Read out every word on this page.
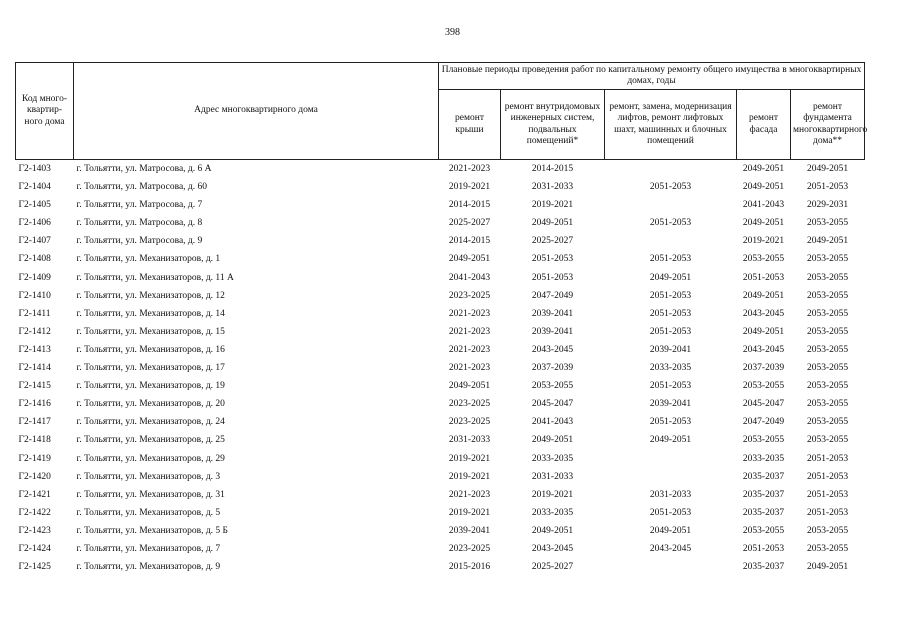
398
Код много-квартир-ного дома	Адрес многоквартирного дома	Плановые периоды проведения работ по капитальному ремонту общего имущества в многоквартирных домах, годы				
		ремонт крыши	ремонт внутридомовых инженерных систем, подвальных помещений*	ремонт, замена, модернизация лифтов, ремонт лифтовых шахт, машинных и блочных помещений	ремонт фасада	ремонт фундамента многоквартирного дома**
Г2-1403	г. Тольятти, ул. Матросова, д. 6 А	2021-2023	2014-2015		2049-2051	2049-2051
Г2-1404	г. Тольятти, ул. Матросова, д. 60	2019-2021	2031-2033	2051-2053	2049-2051	2051-2053
Г2-1405	г. Тольятти, ул. Матросова, д. 7	2014-2015	2019-2021		2041-2043	2029-2031
Г2-1406	г. Тольятти, ул. Матросова, д. 8	2025-2027	2049-2051	2051-2053	2049-2051	2053-2055
Г2-1407	г. Тольятти, ул. Матросова, д. 9	2014-2015	2025-2027		2019-2021	2049-2051
Г2-1408	г. Тольятти, ул. Механизаторов, д. 1	2049-2051	2051-2053	2051-2053	2053-2055	2053-2055
Г2-1409	г. Тольятти, ул. Механизаторов, д. 11 А	2041-2043	2051-2053	2049-2051	2051-2053	2053-2055
Г2-1410	г. Тольятти, ул. Механизаторов, д. 12	2023-2025	2047-2049	2051-2053	2049-2051	2053-2055
Г2-1411	г. Тольятти, ул. Механизаторов, д. 14	2021-2023	2039-2041	2051-2053	2043-2045	2053-2055
Г2-1412	г. Тольятти, ул. Механизаторов, д. 15	2021-2023	2039-2041	2051-2053	2049-2051	2053-2055
Г2-1413	г. Тольятти, ул. Механизаторов, д. 16	2021-2023	2043-2045	2039-2041	2043-2045	2053-2055
Г2-1414	г. Тольятти, ул. Механизаторов, д. 17	2021-2023	2037-2039	2033-2035	2037-2039	2053-2055
Г2-1415	г. Тольятти, ул. Механизаторов, д. 19	2049-2051	2053-2055	2051-2053	2053-2055	2053-2055
Г2-1416	г. Тольятти, ул. Механизаторов, д. 20	2023-2025	2045-2047	2039-2041	2045-2047	2053-2055
Г2-1417	г. Тольятти, ул. Механизаторов, д. 24	2023-2025	2041-2043	2051-2053	2047-2049	2053-2055
Г2-1418	г. Тольятти, ул. Механизаторов, д. 25	2031-2033	2049-2051	2049-2051	2053-2055	2053-2055
Г2-1419	г. Тольятти, ул. Механизаторов, д. 29	2019-2021	2033-2035		2033-2035	2051-2053
Г2-1420	г. Тольятти, ул. Механизаторов, д. 3	2019-2021	2031-2033		2035-2037	2051-2053
Г2-1421	г. Тольятти, ул. Механизаторов, д. 31	2021-2023	2019-2021	2031-2033	2035-2037	2051-2053
Г2-1422	г. Тольятти, ул. Механизаторов, д. 5	2019-2021	2033-2035	2051-2053	2035-2037	2051-2053
Г2-1423	г. Тольятти, ул. Механизаторов, д. 5 Б	2039-2041	2049-2051	2049-2051	2053-2055	2053-2055
Г2-1424	г. Тольятти, ул. Механизаторов, д. 7	2023-2025	2043-2045	2043-2045	2051-2053	2053-2055
Г2-1425	г. Тольятти, ул. Механизаторов, д. 9	2015-2016	2025-2027		2035-2037	2049-2051
